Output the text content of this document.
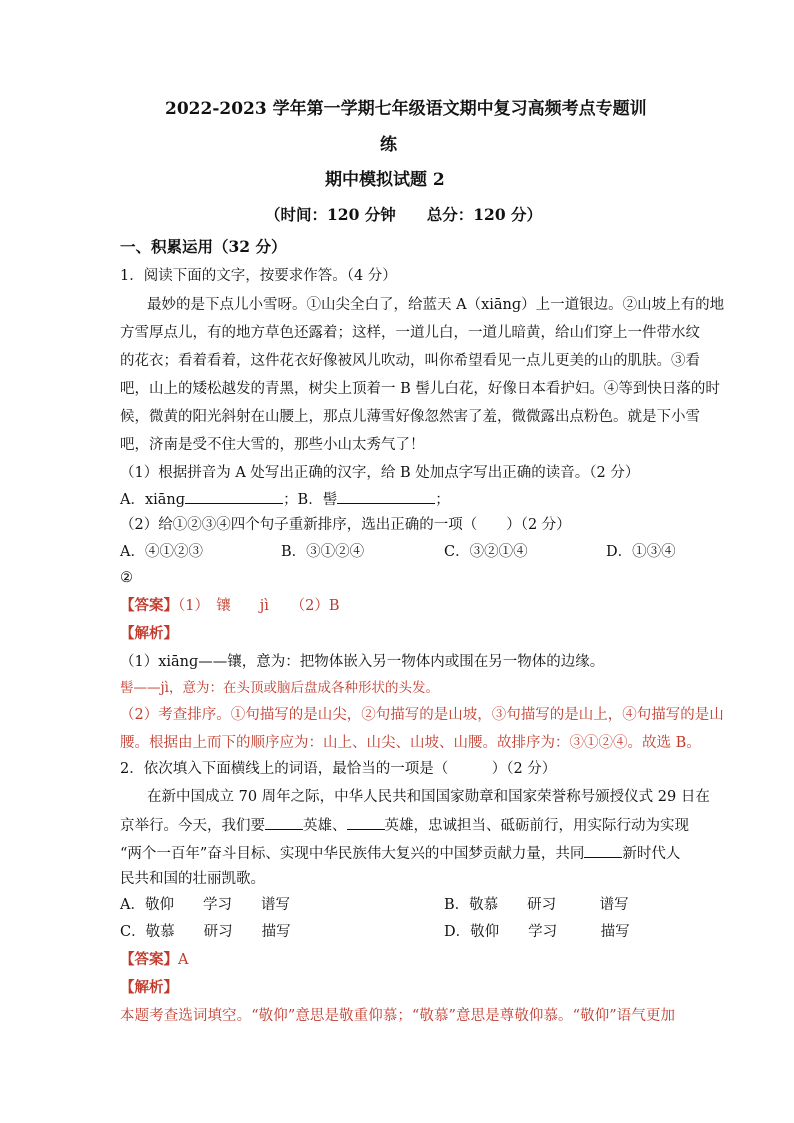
2022-2023 学年第一学期七年级语文期中复习高频考点专题训
练
期中模拟试题 2
（时间：120 分钟　　总分：120 分）
一、积累运用（32 分）
1．阅读下面的文字，按要求作答。（4 分）
最妙的是下点儿小雪呀。①山尖全白了，给蓝天 A（xiānɡ）上一道银边。②山坡上有的地
方雪厚点儿，有的地方草色还露着；这样，一道儿白，一道儿暗黄，给山们穿上一件带水纹
的花衣；看着看着，这件花衣好像被风儿吹动，叫你希望看见一点儿更美的山的肌肤。③看
吧，山上的矮松越发的青黑，树尖上顶着一 B 髻儿白花，好像日本看护妇。④等到快日落的时
候，微黄的阳光斜射在山腰上，那点儿薄雪好像忽然害了羞，微微露出点粉色。就是下小雪
吧，济南是受不住大雪的，那些小山太秀气了！
（1）根据拼音为 A 处写出正确的汉字，给 B 处加点字写出正确的读音。（2 分）
A．xiānɡ	；B．髻	；
（2）给①②③④四个句子重新排序，选出正确的一项（　　）（2 分）
A．④①②③	B．③①②④	C．③②①④	D．①③④
②
【答案】（1）　镶　　jì　　（2）B
【解析】
（1）xiānɡ——镶，意为：把物体嵌入另一物体内或围在另一物体的边缘。
髻——jì，意为：在头顶或脑后盘成各种形状的头发。
（2）考查排序。①句描写的是山尖，②句描写的是山坡，③句描写的是山上，④句描写的是山
腰。根据由上而下的顺序应为：山上、山尖、山坡、山腰。故排序为：③①②④。故选 B。
2．依次填入下面横线上的词语，最恰当的一项是（　　　）（2 分）
在新中国成立 70 周年之际，中华人民共和国国家勋章和国家荣誉称号颁授仪式 29 日在
京举行。今天，我们要	英雄、	英雄，忠诚担当、砥砺前行，用实际行动为实现
“两个一百年”奋斗目标、实现中华民族伟大复兴的中国梦贡献力量，共同	新时代人
民共和国的壮丽凯歌。
A．敬仰　　学习　　谱写	B．敬慕　　研习　　　谱写
C．敬慕　　研习　　描写	D．敬仰　　学习　　　描写
【答案】A
【解析】
本题考查选词填空。“敬仰”意思是敬重仰慕；“敬慕”意思是尊敬仰慕。“敬仰”语气更加
